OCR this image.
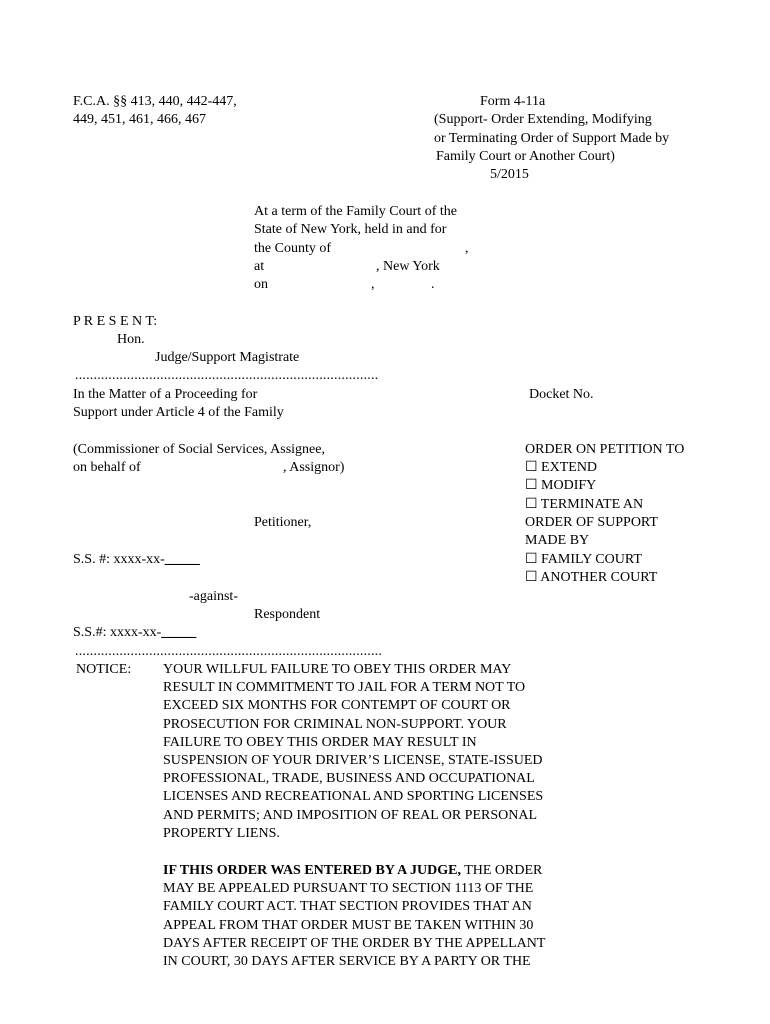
F.C.A. §§ 413, 440, 442-447,
449, 451, 461, 466, 467
Form 4-11a
(Support- Order Extending, Modifying
or Terminating Order of Support Made by
Family Court or Another Court)
5/2015
At a term of the Family Court of the
State of New York, held in and for
the County of	,
at	, New York
on	,	.
P R E S E N T:
Hon.
Judge/Support Magistrate
..................................................................................
In the Matter of a Proceeding for
Support under Article 4 of the Family
Docket No.
(Commissioner of Social Services, Assignee,
on behalf of	, Assignor)
Petitioner,
S.S. #: xxxx-xx-_____
-against-
Respondent
S.S.#: xxxx-xx-_____
...................................................................................
ORDER ON PETITION TO
☐ EXTEND
☐ MODIFY
☐ TERMINATE AN
ORDER OF SUPPORT
MADE BY
☐ FAMILY COURT
☐ ANOTHER COURT
NOTICE: YOUR WILLFUL FAILURE TO OBEY THIS ORDER MAY
RESULT IN COMMITMENT TO JAIL FOR A TERM NOT TO
EXCEED SIX MONTHS FOR CONTEMPT OF COURT OR
PROSECUTION FOR CRIMINAL NON-SUPPORT. YOUR
FAILURE TO OBEY THIS ORDER MAY RESULT IN
SUSPENSION OF YOUR DRIVER’S LICENSE, STATE-ISSUED
PROFESSIONAL, TRADE, BUSINESS AND OCCUPATIONAL
LICENSES AND RECREATIONAL AND SPORTING LICENSES
AND PERMITS; AND IMPOSITION OF REAL OR PERSONAL
PROPERTY LIENS.
IF THIS ORDER WAS ENTERED BY A JUDGE, THE ORDER
MAY BE APPEALED PURSUANT TO SECTION 1113 OF THE
FAMILY COURT ACT. THAT SECTION PROVIDES THAT AN
APPEAL FROM THAT ORDER MUST BE TAKEN WITHIN 30
DAYS AFTER RECEIPT OF THE ORDER BY THE APPELLANT
IN COURT, 30 DAYS AFTER SERVICE BY A PARTY OR THE
